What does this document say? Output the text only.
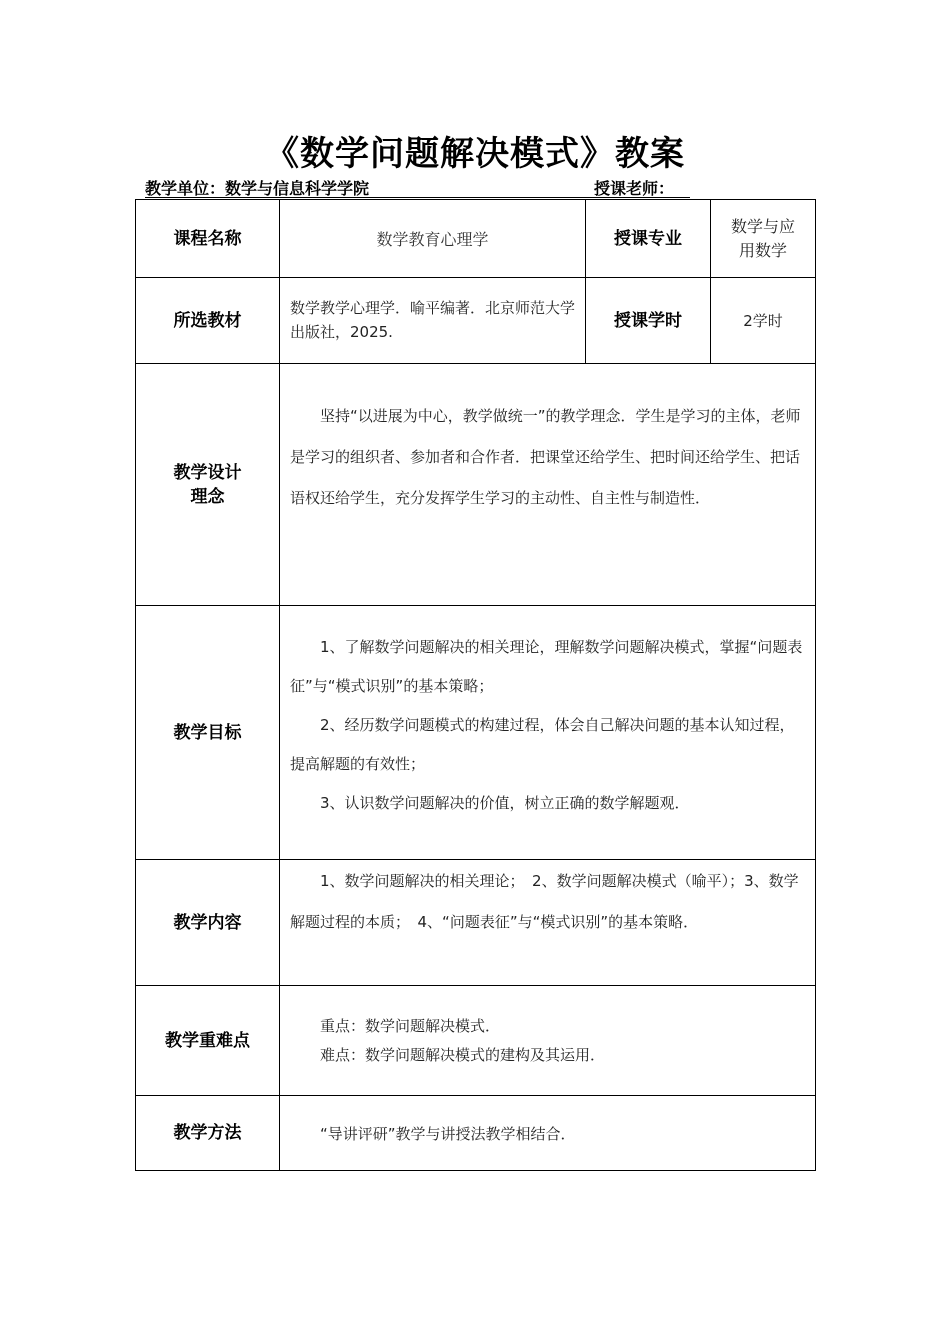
《数学问题解决模式》教案
教学单位：数学与信息科学学院	授课老师：
课程名称	数学教育心理学	授课专业	数学与应
用数学

所选教材	数学教学心理学．喻平编著．北京师范大学出版社，2025.	授课学时	2学时

教学设计
理念	坚持“以进展为中心，教学做统一”的教学理念．学生是学习的主体，老师是学习的组织者、参加者和合作者．把课堂还给学生、把时间还给学生、把话语权还给学生，充分发挥学生学习的主动性、自主性与制造性．		

教学目标	1、了解数学问题解决的相关理论，理解数学问题解决模式，掌握“问题表征”与“模式识别”的基本策略；

2、经历数学问题模式的构建过程，体会自己解决问题的基本认知过程，提高解题的有效性；

3、认识数学问题解决的价值，树立正确的数学解题观．		

教学内容	1、数学问题解决的相关理论；　2、数学问题解决模式（喻平）；3、数学解题过程的本质；　4、“问题表征”与“模式识别”的基本策略．		

教学重难点	重点：数学问题解决模式．

难点：数学问题解决模式的建构及其运用．		

教学方法	“导讲评研”教学与讲授法教学相结合．		
